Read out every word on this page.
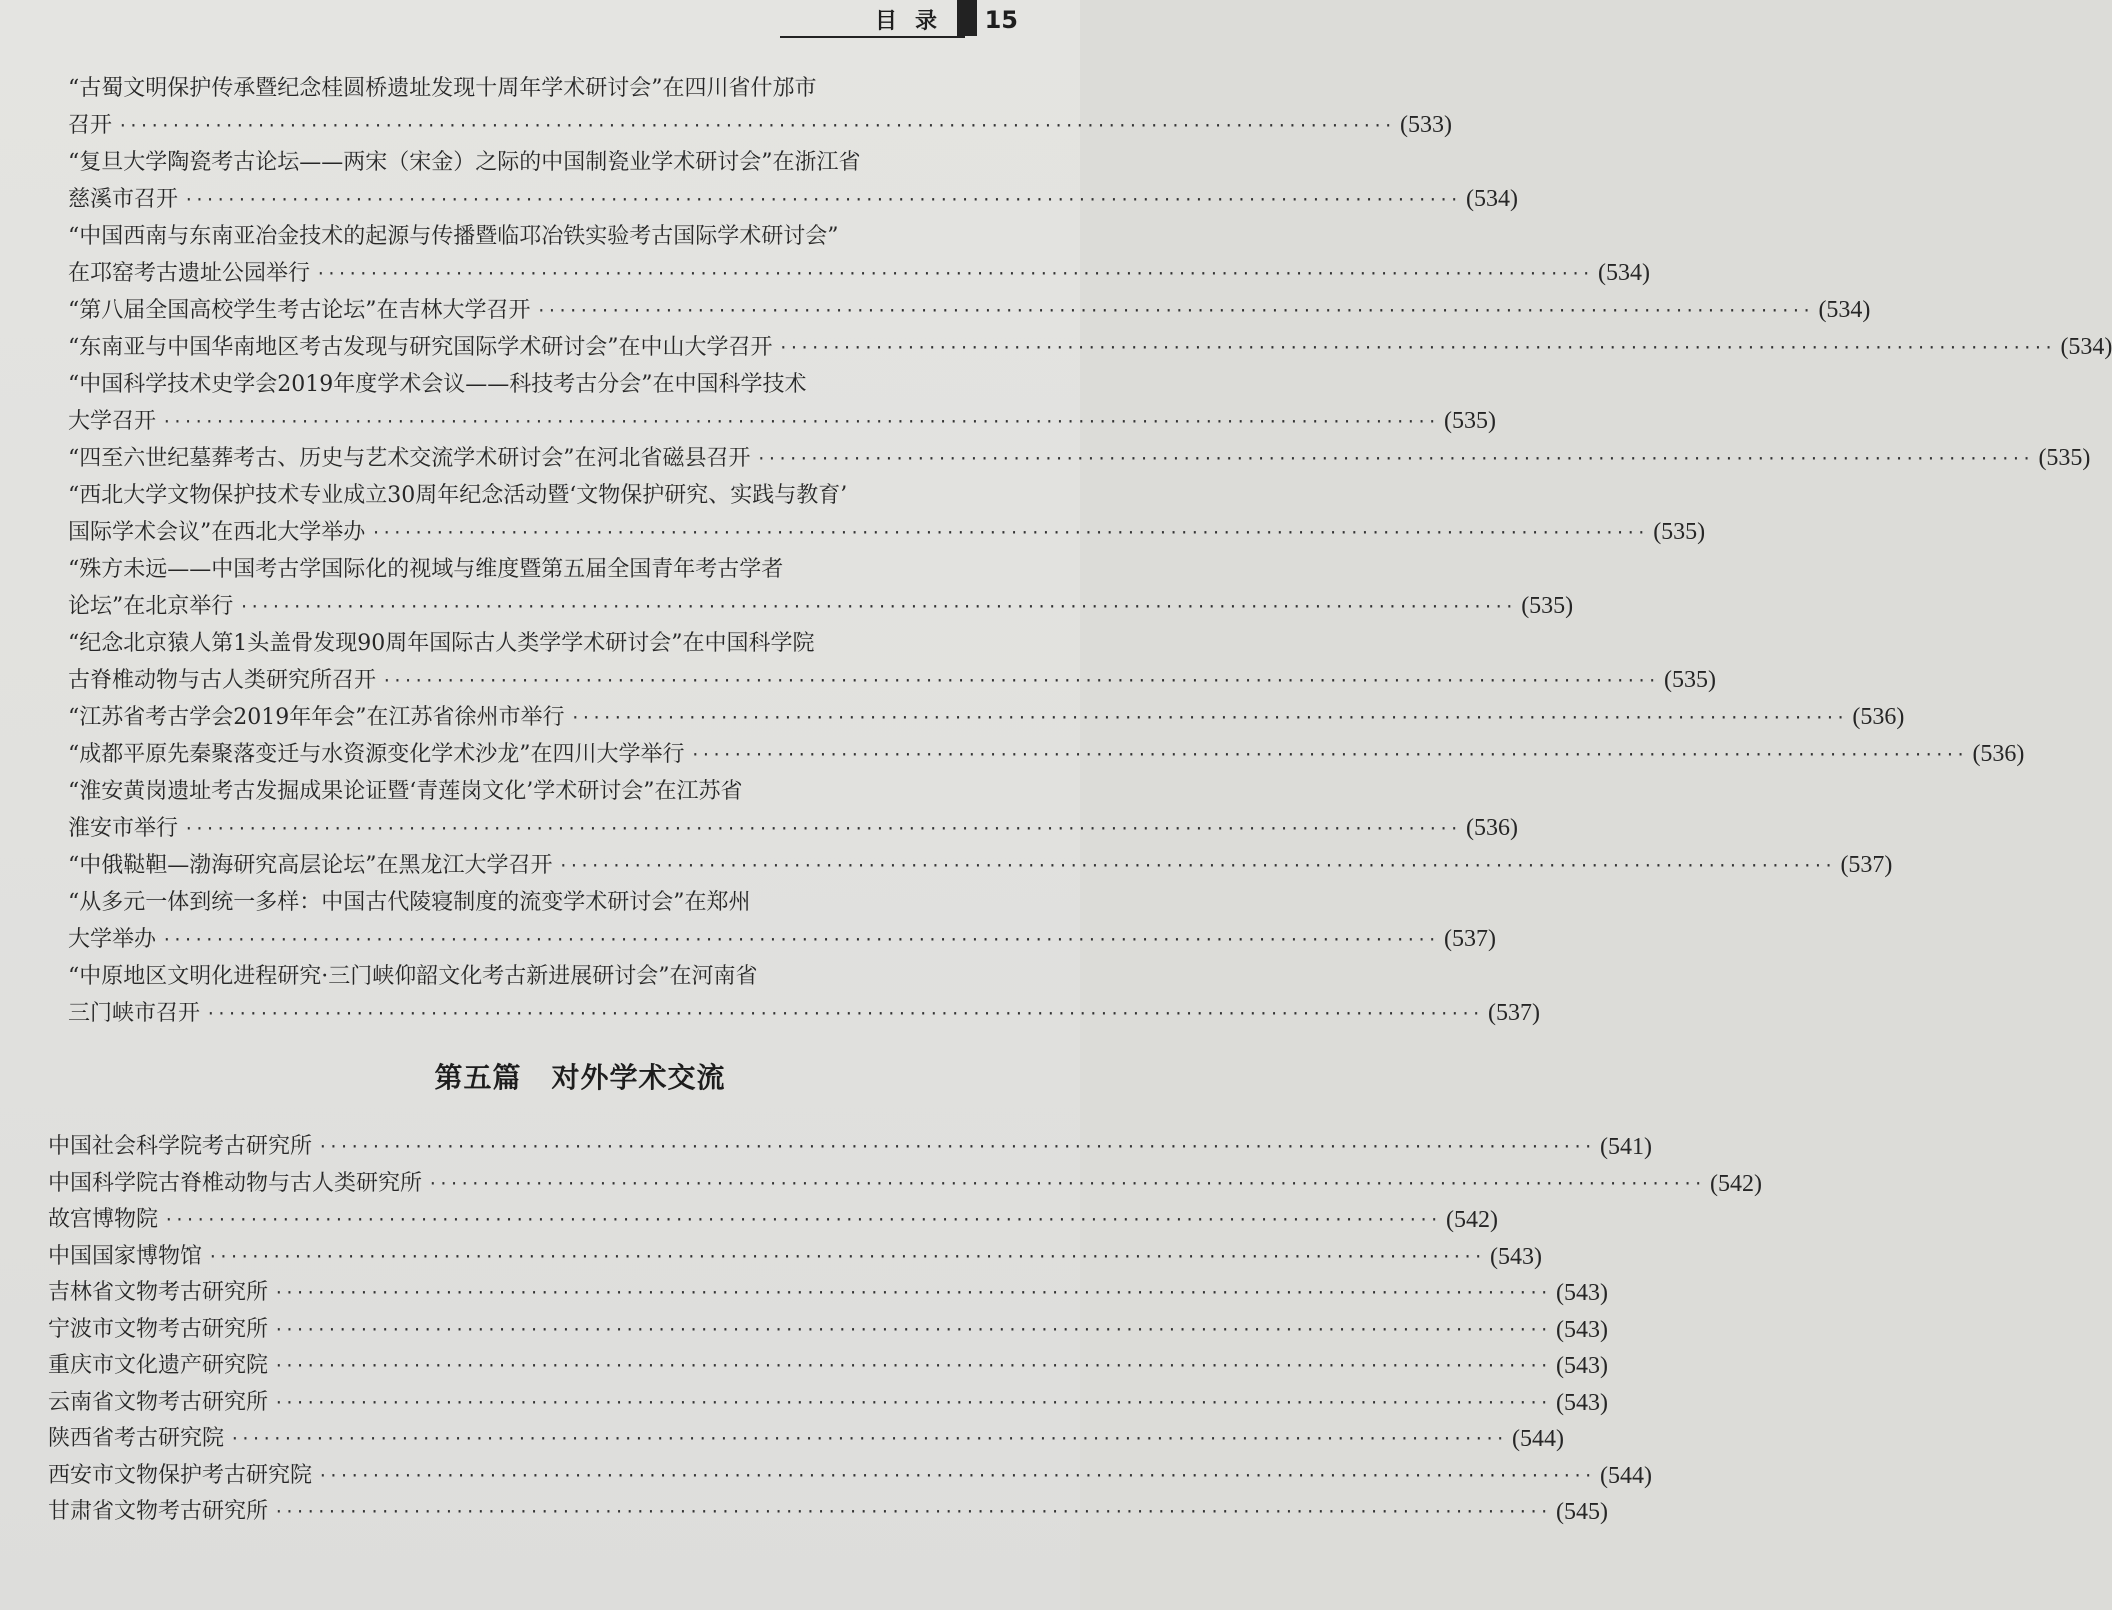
目录 15
“古蜀文明保护传承暨纪念桂圆桥遗址发现十周年学术研讨会”在四川省什邡市
召开 ························································································································ (533)
“复旦大学陶瓷考古论坛——两宋（宋金）之际的中国制瓷业学术研讨会”在浙江省
慈溪市召开 ························································································································ (534)
“中国西南与东南亚冶金技术的起源与传播暨临邛冶铁实验考古国际学术研讨会”
在邛窑考古遗址公园举行 ························································································································ (534)
“第八届全国高校学生考古论坛”在吉林大学召开 ························································································································ (534)
“东南亚与中国华南地区考古发现与研究国际学术研讨会”在中山大学召开 ························································································································ (534)
“中国科学技术史学会2019年度学术会议——科技考古分会”在中国科学技术
大学召开 ························································································································ (535)
“四至六世纪墓葬考古、历史与艺术交流学术研讨会”在河北省磁县召开 ························································································································ (535)
“西北大学文物保护技术专业成立30周年纪念活动暨‘文物保护研究、实践与教育’
国际学术会议”在西北大学举办 ························································································································ (535)
“殊方未远——中国考古学国际化的视域与维度暨第五届全国青年考古学者
论坛”在北京举行 ························································································································ (535)
“纪念北京猿人第1头盖骨发现90周年国际古人类学学术研讨会”在中国科学院
古脊椎动物与古人类研究所召开 ························································································································ (535)
“江苏省考古学会2019年年会”在江苏省徐州市举行 ························································································································ (536)
“成都平原先秦聚落变迁与水资源变化学术沙龙”在四川大学举行 ························································································································ (536)
“淮安黄岗遗址考古发掘成果论证暨‘青莲岗文化’学术研讨会”在江苏省
淮安市举行 ························································································································ (536)
“中俄鞑靼—渤海研究高层论坛”在黑龙江大学召开 ························································································································ (537)
“从多元一体到统一多样：中国古代陵寝制度的流变学术研讨会”在郑州
大学举办 ························································································································ (537)
“中原地区文明化进程研究·三门峡仰韶文化考古新进展研讨会”在河南省
三门峡市召开 ························································································································ (537)
第五篇 对外学术交流
中国社会科学院考古研究所 ························································································································ (541)
中国科学院古脊椎动物与古人类研究所 ························································································································ (542)
故宫博物院 ························································································································ (542)
中国国家博物馆 ························································································································ (543)
吉林省文物考古研究所 ························································································································ (543)
宁波市文物考古研究所 ························································································································ (543)
重庆市文化遗产研究院 ························································································································ (543)
云南省文物考古研究所 ························································································································ (543)
陕西省考古研究院 ························································································································ (544)
西安市文物保护考古研究院 ························································································································ (544)
甘肃省文物考古研究所 ························································································································ (545)
